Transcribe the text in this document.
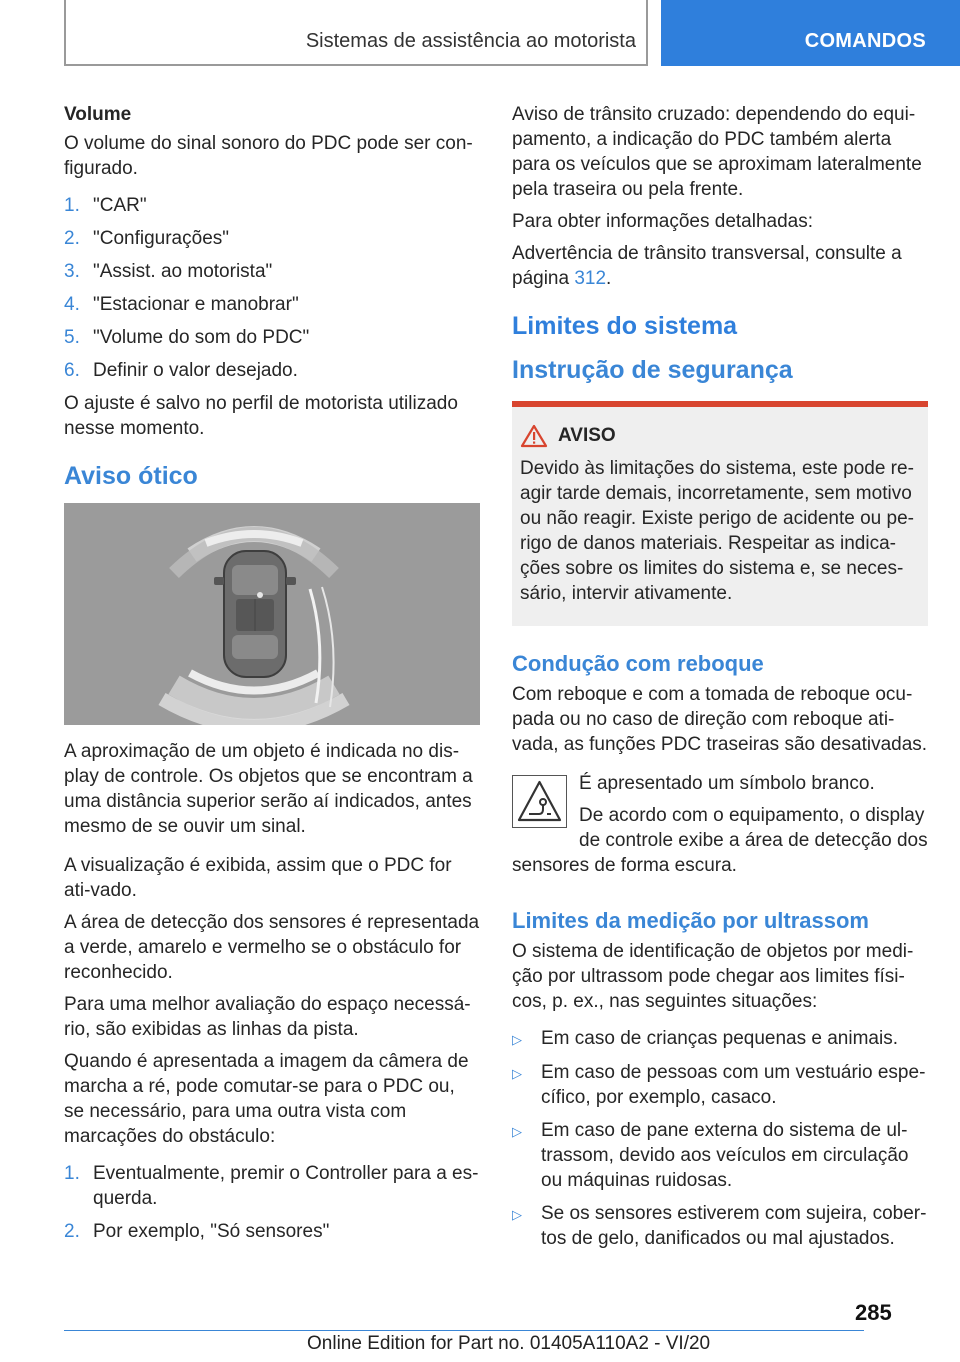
Sistemas de assistência ao motorista	COMANDOS

Volume

O volume do sinal sonoro do PDC pode ser con-figurado.

1. "CAR"
2. "Configurações"
3. "Assist. ao motorista"
4. "Estacionar e manobrar"
5. "Volume do som do PDC"
6. Definir o valor desejado.

O ajuste é salvo no perfil de motorista utilizado nesse momento.

Aviso ótico

A aproximação de um objeto é indicada no dis-play de controle. Os objetos que se encontram a uma distância superior serão aí indicados, antes mesmo de se ouvir um sinal.

A visualização é exibida, assim que o PDC for ati-vado.

A área de detecção dos sensores é representada a verde, amarelo e vermelho se o obstáculo for reconhecido.

Para uma melhor avaliação do espaço necessá-rio, são exibidas as linhas da pista.

Quando é apresentada a imagem da câmera de marcha a ré, pode comutar-se para o PDC ou, se necessário, para uma outra vista com marcações do obstáculo:

1. Eventualmente, premir o Controller para a es-querda.
2. Por exemplo, "Só sensores"

Aviso de trânsito cruzado: dependendo do equi-pamento, a indicação do PDC também alerta para os veículos que se aproximam lateralmente pela traseira ou pela frente.

Para obter informações detalhadas:

Advertência de trânsito transversal, consulte a página 312.

Limites do sistema
Instrução de segurança
AVISO

Devido às limitações do sistema, este pode re-agir tarde demais, incorretamente, sem motivo ou não reagir. Existe perigo de acidente ou pe-rigo de danos materiais. Respeitar as indica-ções sobre os limites do sistema e, se neces-sário, intervir ativamente.

Condução com reboque

Com reboque e com a tomada de reboque ocu-pada ou no caso de direção com reboque ati-vada, as funções PDC traseiras são desativadas.

É apresentado um símbolo branco.

De acordo com o equipamento, o display de controle exibe a área de detecção dos sensores de forma escura.

Limites da medição por ultrassom

O sistema de identificação de objetos por medi-ção por ultrassom pode chegar aos limites físi-cos, p. ex., nas seguintes situações:

▷	Em caso de crianças pequenas e animais.
▷	Em caso de pessoas com um vestuário espe-cífico, por exemplo, casaco.
▷	Em caso de pane externa do sistema de ul-trassom, devido aos veículos em circulação ou máquinas ruidosas.
▷	Se os sensores estiverem com sujeira, cober-tos de gelo, danificados ou mal ajustados.
285
Online Edition for Part no. 01405A110A2 - VI/20
